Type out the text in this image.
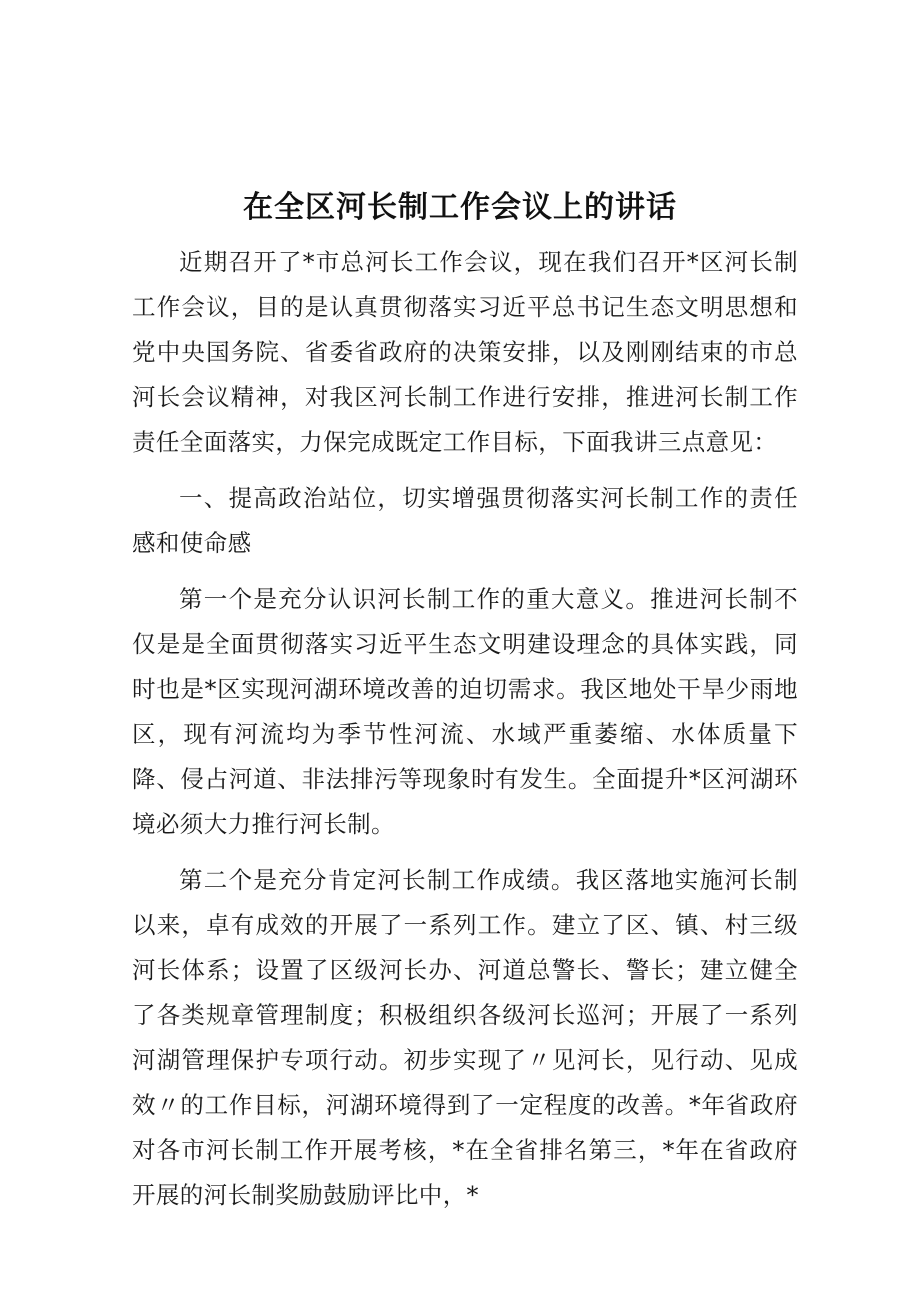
在全区河长制工作会议上的讲话

近期召开了*市总河长工作会议，现在我们召开*区河长制工作会议，目的是认真贯彻落实习近平总书记生态文明思想和党中央国务院、省委省政府的决策安排，以及刚刚结束的市总河长会议精神，对我区河长制工作进行安排，推进河长制工作责任全面落实，力保完成既定工作目标，下面我讲三点意见：

一、提高政治站位，切实增强贯彻落实河长制工作的责任感和使命感

第一个是充分认识河长制工作的重大意义。推进河长制不仅是是全面贯彻落实习近平生态文明建设理念的具体实践，同时也是*区实现河湖环境改善的迫切需求。我区地处干旱少雨地区，现有河流均为季节性河流、水域严重萎缩、水体质量下降、侵占河道、非法排污等现象时有发生。全面提升*区河湖环境必须大力推行河长制。

第二个是充分肯定河长制工作成绩。我区落地实施河长制以来，卓有成效的开展了一系列工作。建立了区、镇、村三级河长体系；设置了区级河长办、河道总警长、警长；建立健全了各类规章管理制度；积极组织各级河长巡河；开展了一系列河湖管理保护专项行动。初步实现了〃见河长，见行动、见成效〃的工作目标，河湖环境得到了一定程度的改善。*年省政府对各市河长制工作开展考核，*在全省排名第三，*年在省政府开展的河长制奖励鼓励评比中，*
